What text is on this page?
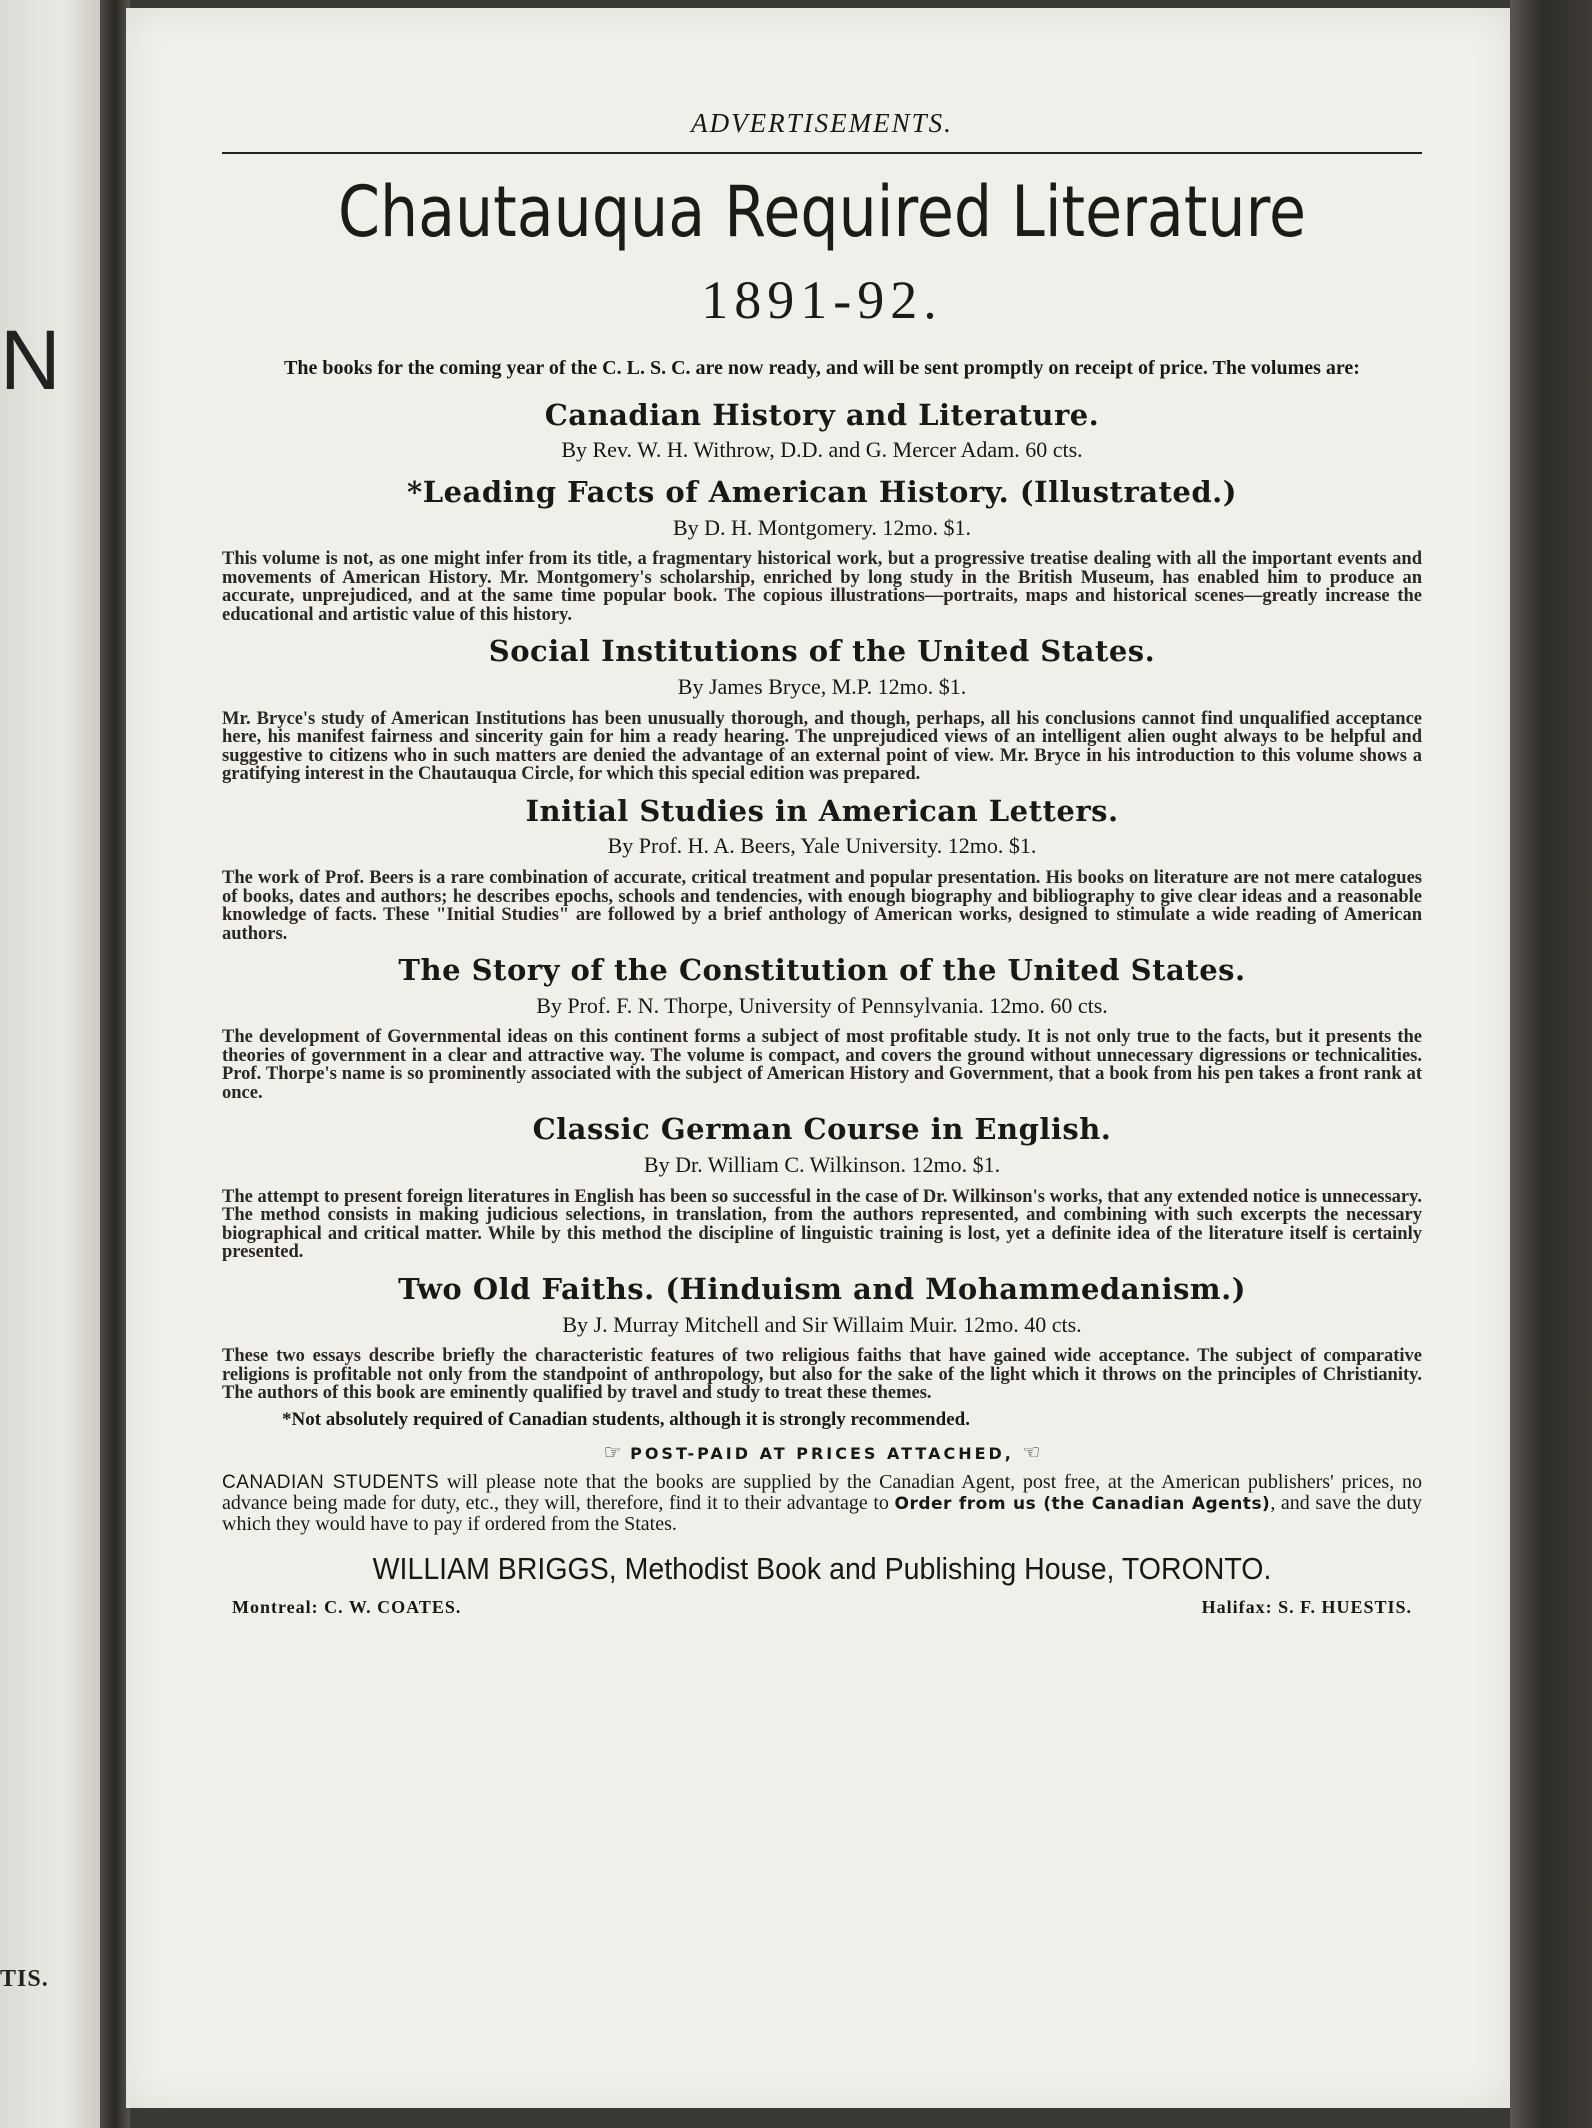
N
TIS.
ADVERTISEMENTS.
Chautauqua Required Literature
1891-92.

The books for the coming year of the C. L. S. C. are now ready, and will be sent promptly on receipt of price. The volumes are:

Canadian History and Literature.
By Rev. W. H. Withrow, D.D. and G. Mercer Adam. 60 cts.
*Leading Facts of American History. (Illustrated.)
By D. H. Montgomery. 12mo. $1.

This volume is not, as one might infer from its title, a fragmentary historical work, but a progressive treatise dealing with all the important events and movements of American History. Mr. Montgomery's scholarship, enriched by long study in the British Museum, has enabled him to produce an accurate, unprejudiced, and at the same time popular book. The copious illustrations—portraits, maps and historical scenes—greatly increase the educational and artistic value of this history.

Social Institutions of the United States.
By James Bryce, M.P. 12mo. $1.

Mr. Bryce's study of American Institutions has been unusually thorough, and though, perhaps, all his conclusions cannot find unqualified acceptance here, his manifest fairness and sincerity gain for him a ready hearing. The unprejudiced views of an intelligent alien ought always to be helpful and suggestive to citizens who in such matters are denied the advantage of an external point of view. Mr. Bryce in his introduction to this volume shows a gratifying interest in the Chautauqua Circle, for which this special edition was prepared.

Initial Studies in American Letters.
By Prof. H. A. Beers, Yale University. 12mo. $1.

The work of Prof. Beers is a rare combination of accurate, critical treatment and popular presentation. His books on literature are not mere catalogues of books, dates and authors; he describes epochs, schools and tendencies, with enough biography and bibliography to give clear ideas and a reasonable knowledge of facts. These "Initial Studies" are followed by a brief anthology of American works, designed to stimulate a wide reading of American authors.

The Story of the Constitution of the United States.
By Prof. F. N. Thorpe, University of Pennsylvania. 12mo. 60 cts.

The development of Governmental ideas on this continent forms a subject of most profitable study. It is not only true to the facts, but it presents the theories of government in a clear and attractive way. The volume is compact, and covers the ground without unnecessary digressions or technicalities. Prof. Thorpe's name is so prominently associated with the subject of American History and Government, that a book from his pen takes a front rank at once.

Classic German Course in English.
By Dr. William C. Wilkinson. 12mo. $1.

The attempt to present foreign literatures in English has been so successful in the case of Dr. Wilkinson's works, that any extended notice is unnecessary. The method consists in making judicious selections, in translation, from the authors represented, and combining with such excerpts the necessary biographical and critical matter. While by this method the discipline of linguistic training is lost, yet a definite idea of the literature itself is certainly presented.

Two Old Faiths. (Hinduism and Mohammedanism.)
By J. Murray Mitchell and Sir Willaim Muir. 12mo. 40 cts.

These two essays describe briefly the characteristic features of two religious faiths that have gained wide acceptance. The subject of comparative religions is profitable not only from the standpoint of anthropology, but also for the sake of the light which it throws on the principles of Christianity. The authors of this book are eminently qualified by travel and study to treat these themes.

*Not absolutely required of Canadian students, although it is strongly recommended.

☞ POST-PAID AT PRICES ATTACHED, ☜

CANADIAN STUDENTS will please note that the books are supplied by the Canadian Agent, post free, at the American publishers' prices, no advance being made for duty, etc., they will, therefore, find it to their advantage to Order from us (the Canadian Agents), and save the duty which they would have to pay if ordered from the States.

WILLIAM BRIGGS, Methodist Book and Publishing House, TORONTO.
Montreal: C. W. COATES.	Halifax: S. F. HUESTIS.
